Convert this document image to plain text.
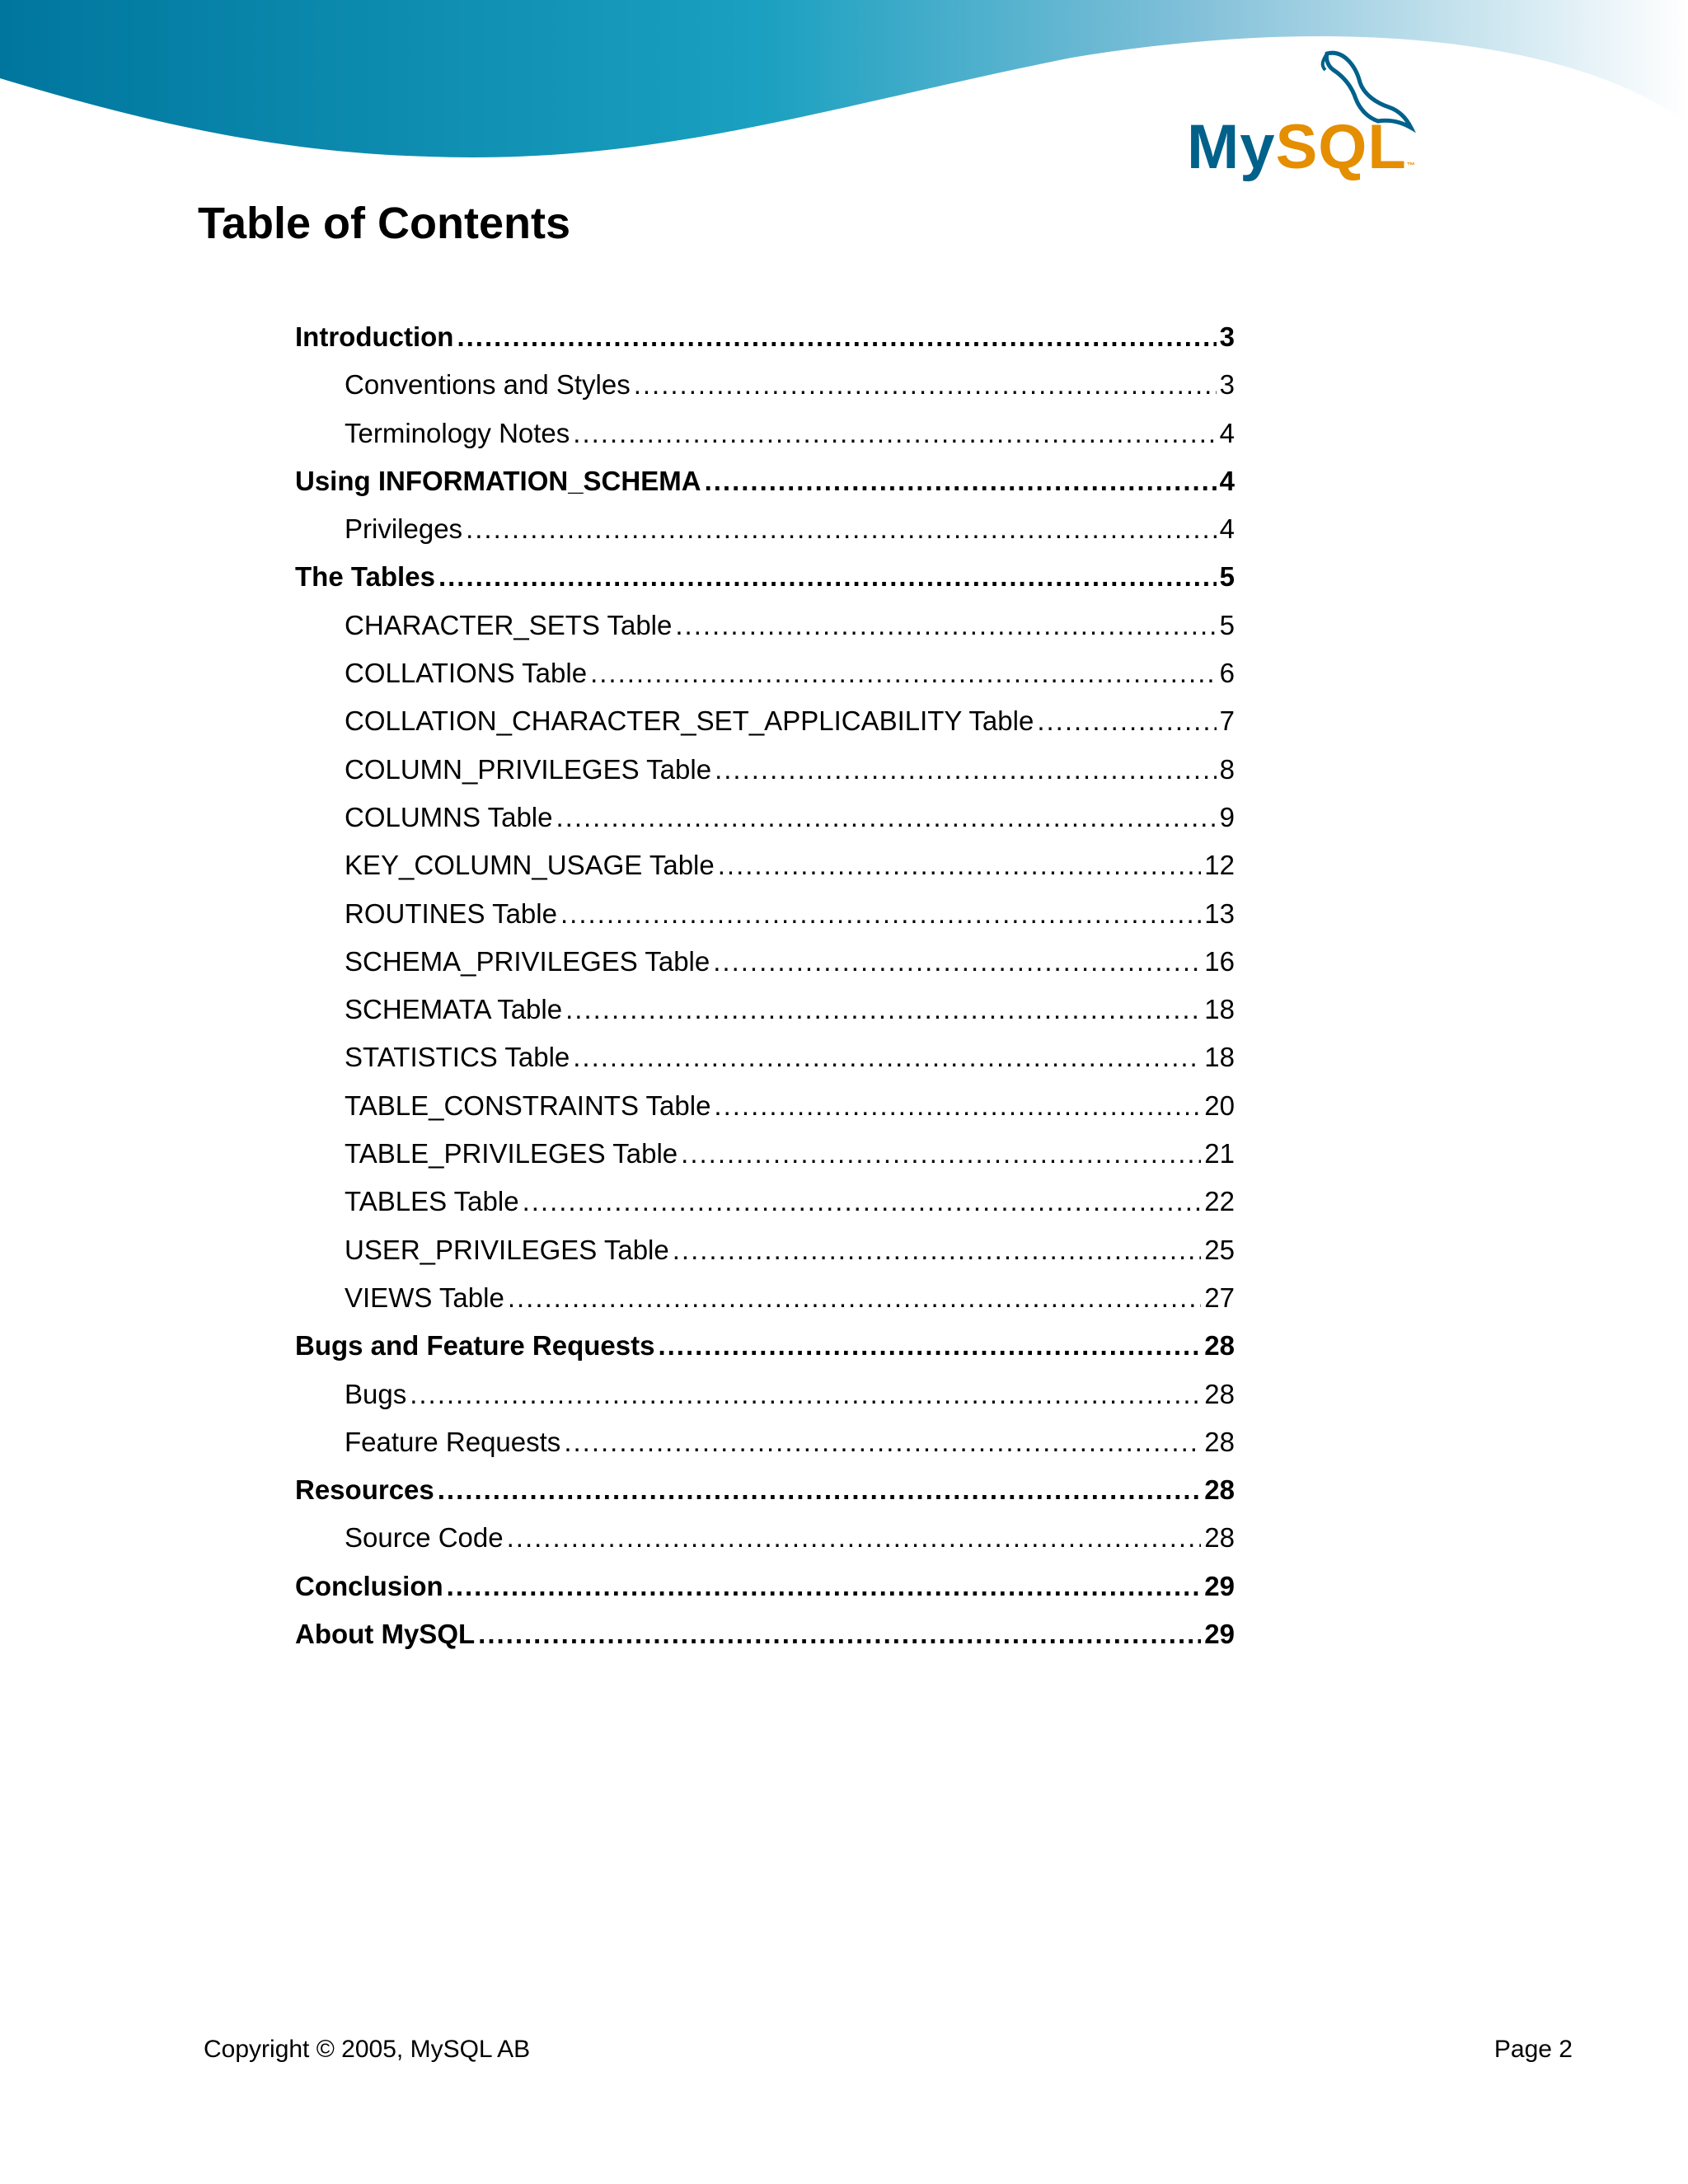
MySQL™
Table of Contents
Introduction .....	3
Conventions and Styles .....	3
Terminology Notes .....	4
Using INFORMATION_SCHEMA .....	4
Privileges .....	4
The Tables .....	5
CHARACTER_SETS Table .....	5
COLLATIONS Table .....	6
COLLATION_CHARACTER_SET_APPLICABILITY Table .....	7
COLUMN_PRIVILEGES Table .....	8
COLUMNS Table .....	9
KEY_COLUMN_USAGE Table .....	12
ROUTINES Table .....	13
SCHEMA_PRIVILEGES Table .....	16
SCHEMATA Table .....	18
STATISTICS Table .....	18
TABLE_CONSTRAINTS Table .....	20
TABLE_PRIVILEGES Table .....	21
TABLES Table .....	22
USER_PRIVILEGES Table .....	25
VIEWS Table .....	27
Bugs and Feature Requests .....	28
Bugs .....	28
Feature Requests .....	28
Resources .....	28
Source Code .....	28
Conclusion .....	29
About MySQL .....	29
Copyright © 2005, MySQL AB	Page 2
